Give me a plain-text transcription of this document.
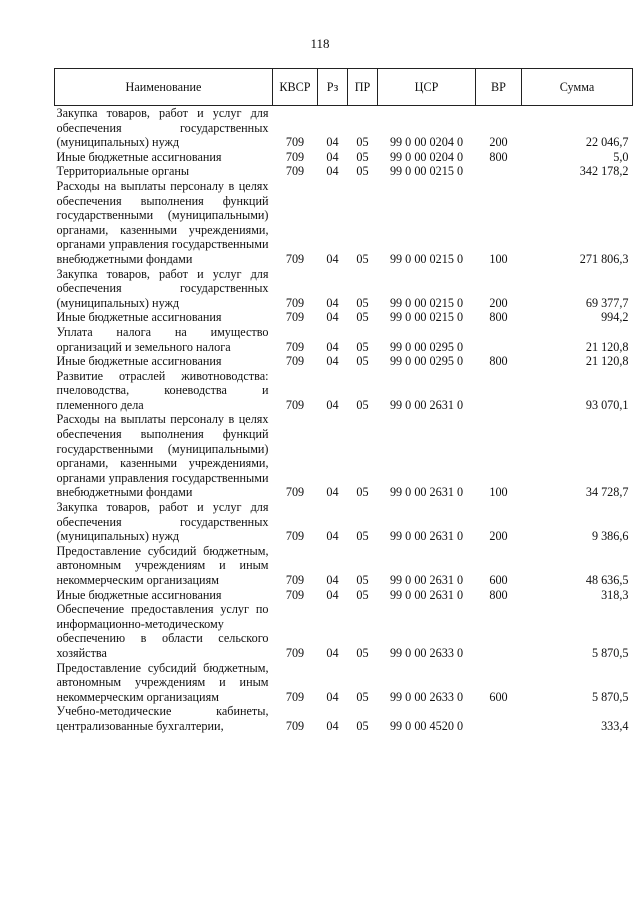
118
Наименование	КВСР	Рз	ПР	ЦСР	ВР	Сумма
Закупка товаров, работ и услуг для обеспечения государственных (муниципальных) нужд	709	04	05	99 0 00 0204 0	200	22 046,7
Иные бюджетные ассигнования	709	04	05	99 0 00 0204 0	800	5,0
Территориальные органы	709	04	05	99 0 00 0215 0		342 178,2
Расходы на выплаты персоналу в целях обеспечения выполнения функций государственными (муниципальными) органами, казенными учреждениями, органами управления государственными внебюджетными фондами	709	04	05	99 0 00 0215 0	100	271 806,3
Закупка товаров, работ и услуг для обеспечения государственных (муниципальных) нужд	709	04	05	99 0 00 0215 0	200	69 377,7
Иные бюджетные ассигнования	709	04	05	99 0 00 0215 0	800	994,2
Уплата налога на имущество организаций и земельного налога	709	04	05	99 0 00 0295 0		21 120,8
Иные бюджетные ассигнования	709	04	05	99 0 00 0295 0	800	21 120,8
Развитие отраслей животноводства: пчеловодства, коневодства и племенного дела	709	04	05	99 0 00 2631 0		93 070,1
Расходы на выплаты персоналу в целях обеспечения выполнения функций государственными (муниципальными) органами, казенными учреждениями, органами управления государственными внебюджетными фондами	709	04	05	99 0 00 2631 0	100	34 728,7
Закупка товаров, работ и услуг для обеспечения государственных (муниципальных) нужд	709	04	05	99 0 00 2631 0	200	9 386,6
Предоставление субсидий бюджетным, автономным учреждениям и иным некоммерческим организациям	709	04	05	99 0 00 2631 0	600	48 636,5
Иные бюджетные ассигнования	709	04	05	99 0 00 2631 0	800	318,3
Обеспечение предоставления услуг по информационно-методическому обеспечению в области сельского хозяйства	709	04	05	99 0 00 2633 0		5 870,5
Предоставление субсидий бюджетным, автономным учреждениям и иным некоммерческим организациям	709	04	05	99 0 00 2633 0	600	5 870,5
Учебно-методические кабинеты, централизованные бухгалтерии,	709	04	05	99 0 00 4520 0		333,4
